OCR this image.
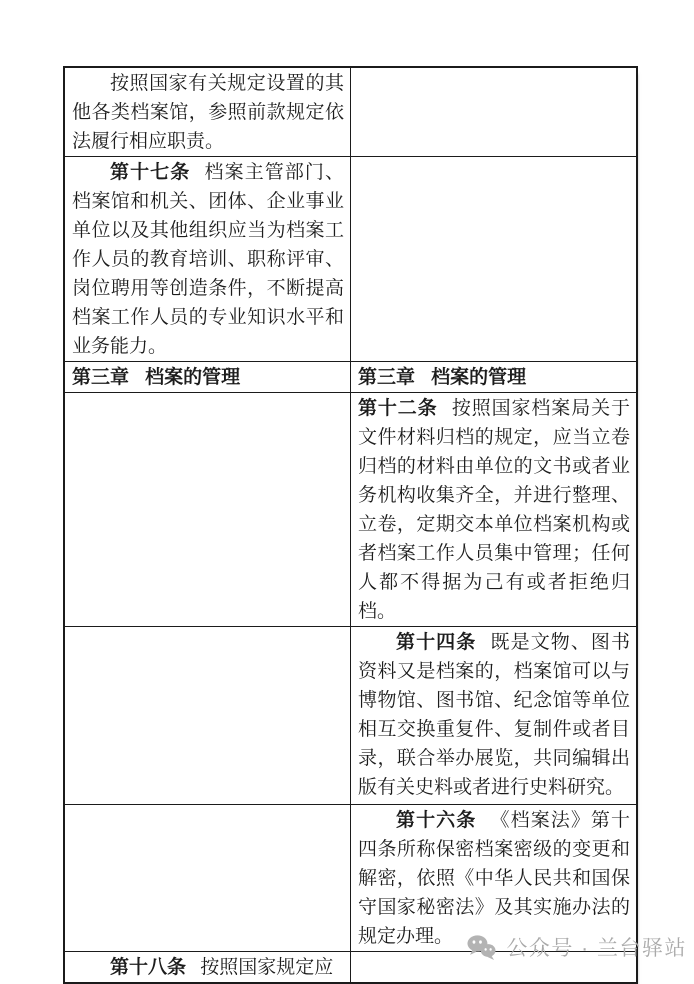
按照国家有关规定设置的其他各类档案馆，参照前款规定依法履行相应职责。	
第十七条 档案主管部门、档案馆和机关、团体、企业事业单位以及其他组织应当为档案工作人员的教育培训、职称评审、岗位聘用等创造条件，不断提高档案工作人员的专业知识水平和业务能力。	
第三章 档案的管理	第三章 档案的管理
	第十二条 按照国家档案局关于文件材料归档的规定，应当立卷归档的材料由单位的文书或者业务机构收集齐全，并进行整理、立卷，定期交本单位档案机构或者档案工作人员集中管理；任何人都不得据为己有或者拒绝归档。
	第十四条 既是文物、图书资料又是档案的，档案馆可以与博物馆、图书馆、纪念馆等单位相互交换重复件、复制件或者目录，联合举办展览，共同编辑出版有关史料或者进行史料研究。
	第十六条 《档案法》第十四条所称保密档案密级的变更和解密，依照《中华人民共和国保守国家秘密法》及其实施办法的规定办理。
第十八条 按照国家规定应	
公众号 · 兰台驿站
